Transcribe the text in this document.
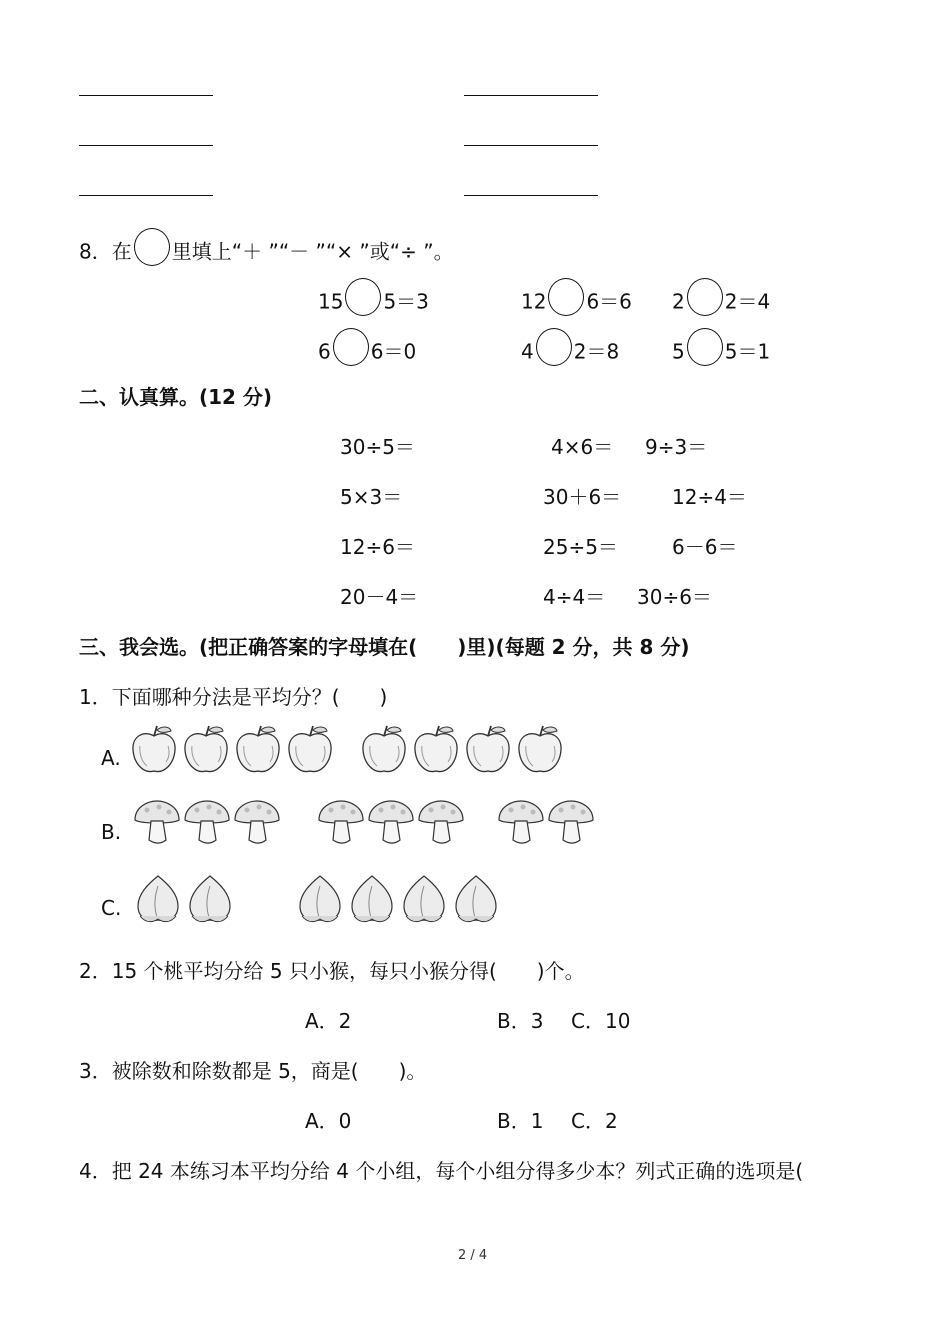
8．在 里填上“＋ ”“－ ”“× ”或“÷ ”。
15 5＝3	12 6＝6 2 2＝4
6 6＝0	4 2＝8	5 5＝1
二、认真算。(12 分)
30÷5＝	4×6＝ 9÷3＝
5×3＝	30＋6＝	12÷4＝
12÷6＝	25÷5＝	6－6＝
20－4＝	4÷4＝ 30÷6＝
三、我会选。(把正确答案的字母填在(　　)里)(每题 2 分，共 8 分)
1．下面哪种分法是平均分？(　　)
A.
B.
C.
2．15 个桃平均分给 5 只小猴，每只小猴分得(　　)个。
A．2	B．3 C．10
3．被除数和除数都是 5，商是(　　)。
A．0	B．1 C．2
4．把 24 本练习本平均分给 4 个小组，每个小组分得多少本？列式正确的选项是(
2 / 4
